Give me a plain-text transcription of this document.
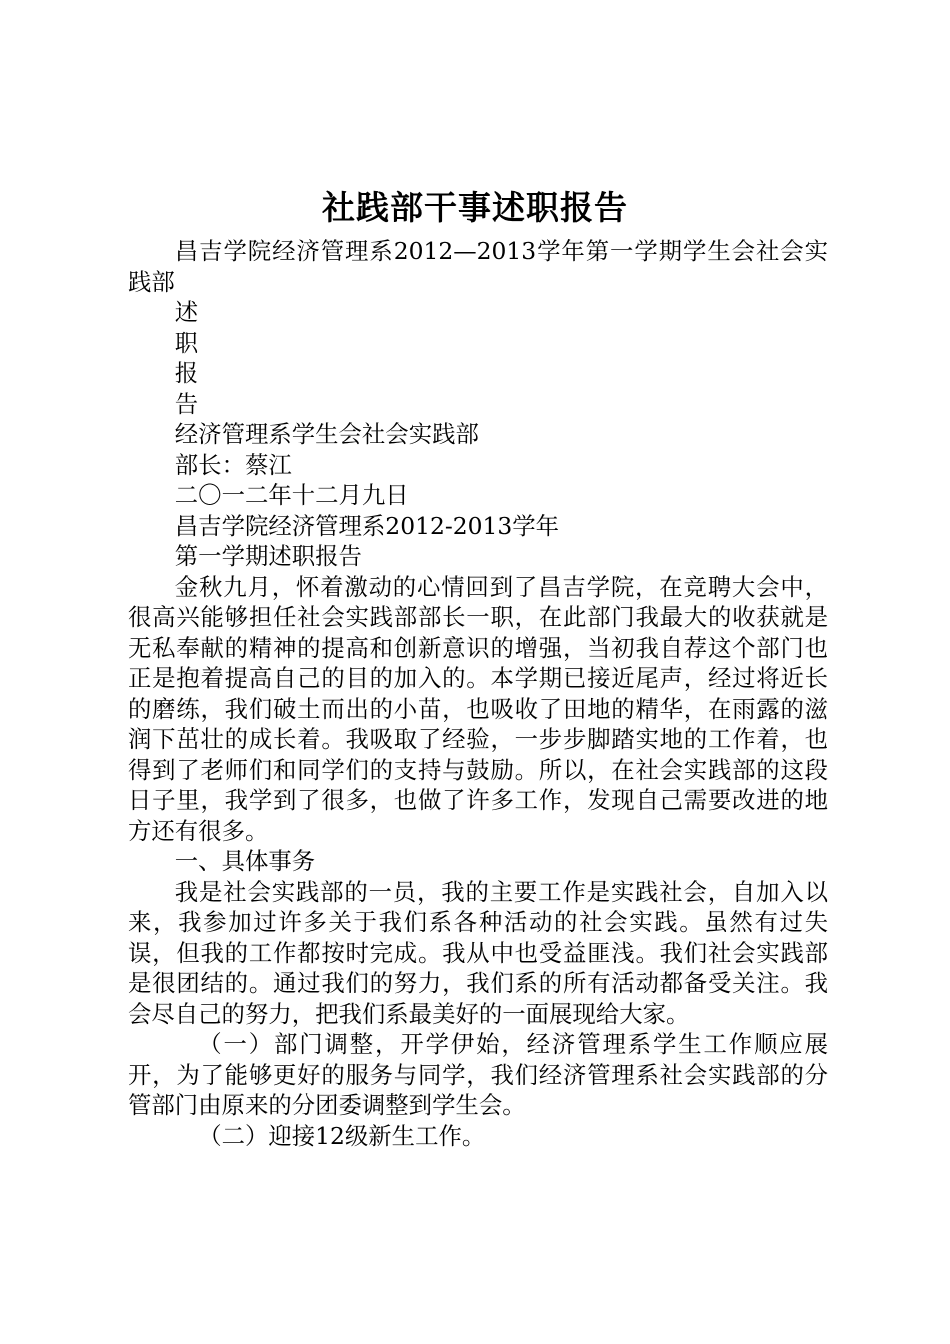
社践部干事述职报告

昌吉学院经济管理系2012—2013学年第一学期学生会社会实践部

述

职

报

告

经济管理系学生会社会实践部

部长：蔡江

二〇一二年十二月九日

昌吉学院经济管理系2012-2013学年

第一学期述职报告

金秋九月，怀着激动的心情回到了昌吉学院，在竞聘大会中，很高兴能够担任社会实践部部长一职，在此部门我最大的收获就是无私奉献的精神的提高和创新意识的增强，当初我自荐这个部门也正是抱着提高自己的目的加入的。本学期已接近尾声，经过将近长的磨练，我们破土而出的小苗，也吸收了田地的精华，在雨露的滋润下茁壮的成长着。我吸取了经验，一步步脚踏实地的工作着，也得到了老师们和同学们的支持与鼓励。所以，在社会实践部的这段日子里，我学到了很多，也做了许多工作，发现自己需要改进的地方还有很多。

一、具体事务

我是社会实践部的一员，我的主要工作是实践社会，自加入以来，我参加过许多关于我们系各种活动的社会实践。虽然有过失误，但我的工作都按时完成。我从中也受益匪浅。我们社会实践部是很团结的。通过我们的努力，我们系的所有活动都备受关注。我会尽自己的努力，把我们系最美好的一面展现给大家。

（一）部门调整，开学伊始，经济管理系学生工作顺应展开，为了能够更好的服务与同学，我们经济管理系社会实践部的分管部门由原来的分团委调整到学生会。

（二）迎接12级新生工作。
